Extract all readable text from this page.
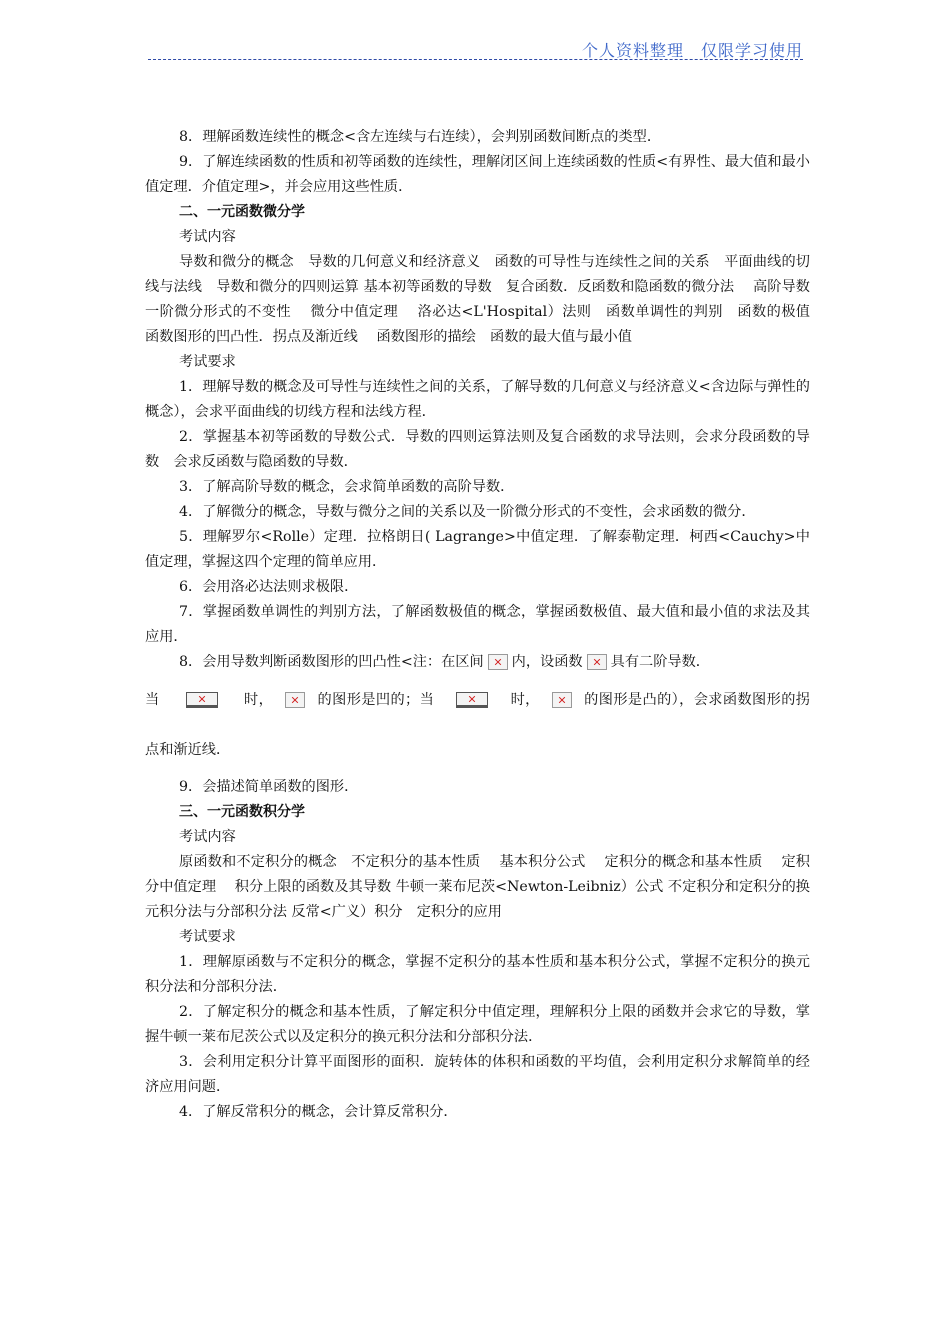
个人资料整理　仅限学习使用

8．理解函数连续性的概念<含左连续与右连续），会判别函数间断点的类型．

9．了解连续函数的性质和初等函数的连续性，理解闭区间上连续函数的性质<有界性、最大值和最小值定理．介值定理>，并会应用这些性质．

二、一元函数微分学

考试内容

导数和微分的概念　导数的几何意义和经济意义　函数的可导性与连续性之间的关系　平面曲线的切线与法线　导数和微分的四则运算 基本初等函数的导数　复合函数．反函数和隐函数的微分法　 高阶导数　 一阶微分形式的不变性　 微分中值定理　 洛必达<L'Hospital）法则　函数单调性的判别　函数的极值　 函数图形的凹凸性．拐点及渐近线　 函数图形的描绘　函数的最大值与最小值

考试要求

1．理解导数的概念及可导性与连续性之间的关系，了解导数的几何意义与经济意义<含边际与弹性的概念），会求平面曲线的切线方程和法线方程．

2．掌握基本初等函数的导数公式．导数的四则运算法则及复合函数的求导法则，会求分段函数的导数　会求反函数与隐函数的导数．

3．了解高阶导数的概念，会求简单函数的高阶导数．

4．了解微分的概念，导数与微分之间的关系以及一阶微分形式的不变性，会求函数的微分．

5．理解罗尔<Rolle）定理．拉格朗日( Lagrange>中值定理．了解泰勒定理．柯西<Cauchy>中值定理，掌握这四个定理的简单应用．

6．会用洛必达法则求极限．

7．掌握函数单调性的判别方法，了解函数极值的概念，掌握函数极值、最大值和最小值的求法及其应用．

8．会用导数判断函数图形的凹凸性<注：在区间 内，设函数 具有二阶导数．

当	时，	的图形是凹的；当	时，	的图形是凸的），会求函数图形的拐点和渐近线．

9．会描述简单函数的图形．

三、一元函数积分学

考试内容

原函数和不定积分的概念　不定积分的基本性质　 基本积分公式　 定积分的概念和基本性质　 定积分中值定理　 积分上限的函数及其导数 牛顿一莱布尼茨<Newton-Leibniz）公式 不定积分和定积分的换元积分法与分部积分法 反常<广义）积分　定积分的应用

考试要求

1．理解原函数与不定积分的概念，掌握不定积分的基本性质和基本积分公式，掌握不定积分的换元积分法和分部积分法．

2．了解定积分的概念和基本性质，了解定积分中值定理，理解积分上限的函数并会求它的导数，掌握牛顿一莱布尼茨公式以及定积分的换元积分法和分部积分法．

3．会利用定积分计算平面图形的面积．旋转体的体积和函数的平均值，会利用定积分求解简单的经济应用问题．

4．了解反常积分的概念，会计算反常积分．
